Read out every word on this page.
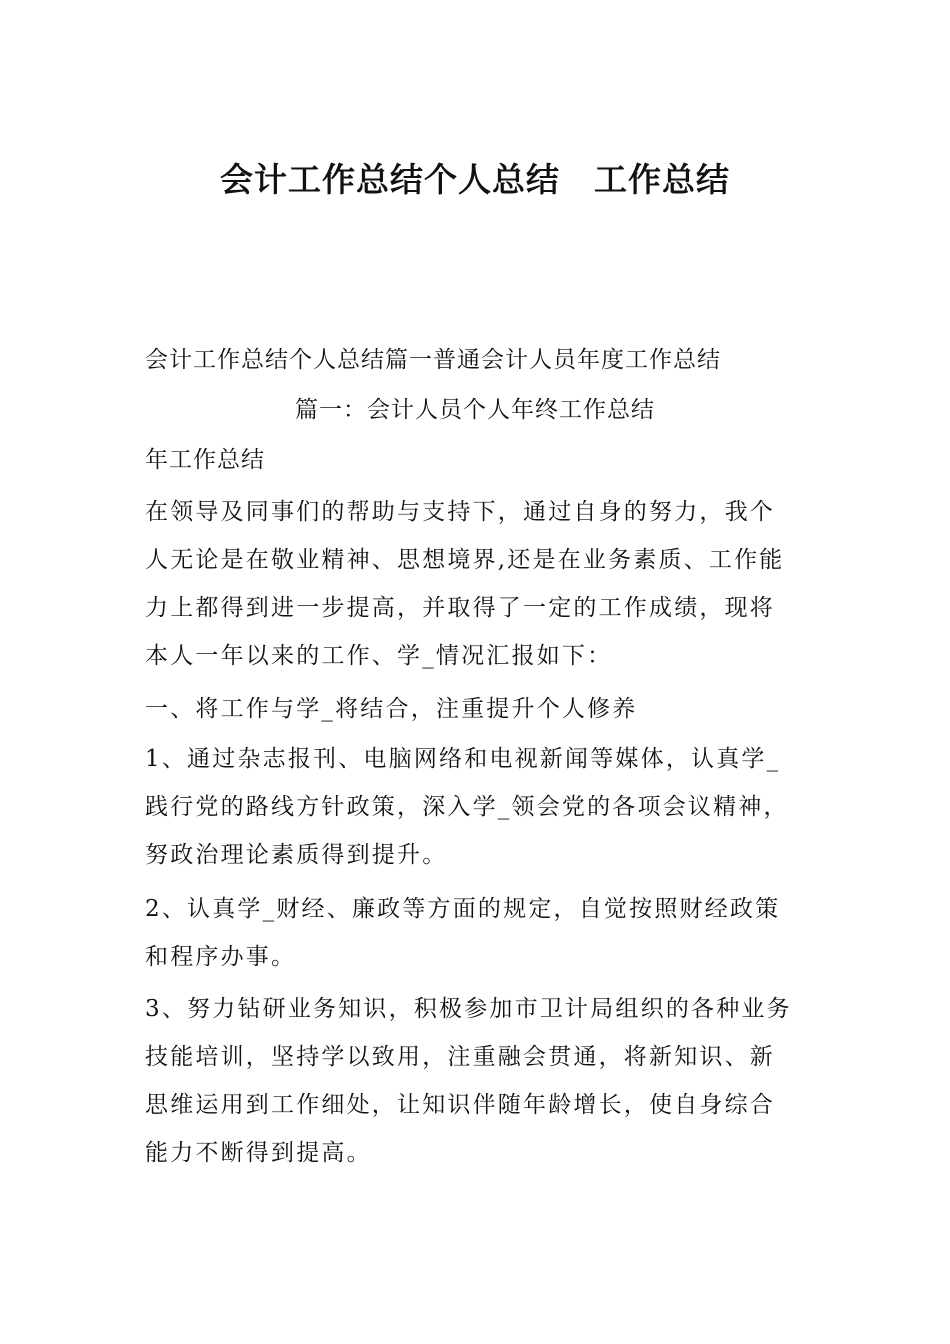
会计工作总结个人总结　工作总结
会计工作总结个人总结篇一普通会计人员年度工作总结
篇一：会计人员个人年终工作总结
年工作总结
在领导及同事们的帮助与支持下，通过自身的努力，我个
人无论是在敬业精神、思想境界,还是在业务素质、工作能
力上都得到进一步提高，并取得了一定的工作成绩，现将
本人一年以来的工作、学_情况汇报如下：
一、将工作与学_将结合，注重提升个人修养
1、通过杂志报刊、电脑网络和电视新闻等媒体，认真学_
践行党的路线方针政策，深入学_领会党的各项会议精神，
努政治理论素质得到提升。
2、认真学_财经、廉政等方面的规定，自觉按照财经政策
和程序办事。
3、努力钻研业务知识，积极参加市卫计局组织的各种业务
技能培训，坚持学以致用，注重融会贯通，将新知识、新
思维运用到工作细处，让知识伴随年龄增长，使自身综合
能力不断得到提高。
